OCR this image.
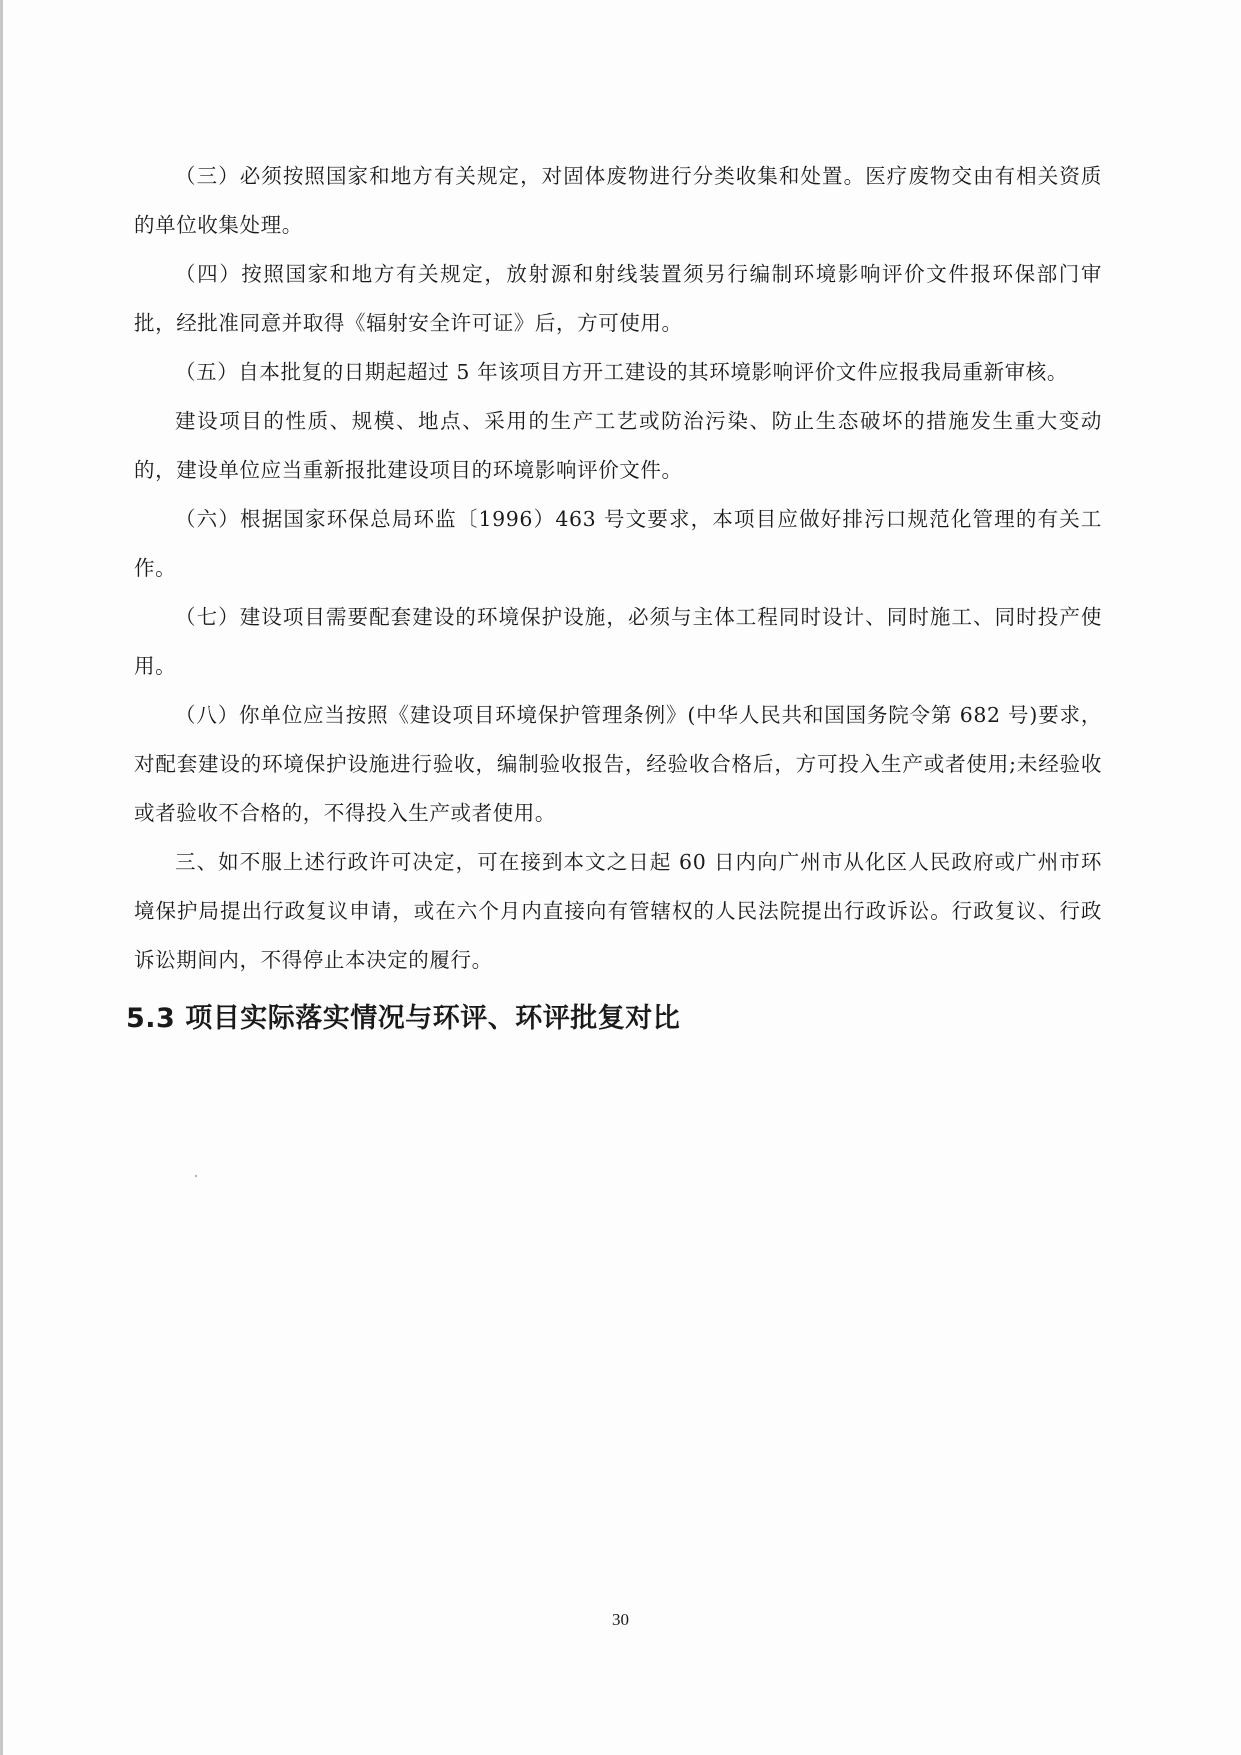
（三）必须按照国家和地方有关规定，对固体废物进行分类收集和处置。医疗废物交由有相关资质的单位收集处理。

（四）按照国家和地方有关规定，放射源和射线装置须另行编制环境影响评价文件报环保部门审批，经批准同意并取得《辐射安全许可证》后，方可使用。

（五）自本批复的日期起超过 5 年该项目方开工建设的其环境影响评价文件应报我局重新审核。

建设项目的性质、规模、地点、采用的生产工艺或防治污染、防止生态破坏的措施发生重大变动的，建设单位应当重新报批建设项目的环境影响评价文件。

（六）根据国家环保总局环监〔1996）463 号文要求，本项目应做好排污口规范化管理的有关工作。

（七）建设项目需要配套建设的环境保护设施，必须与主体工程同时设计、同时施工、同时投产使用。

（八）你单位应当按照《建设项目环境保护管理条例》(中华人民共和国国务院令第 682 号)要求，对配套建设的环境保护设施进行验收，编制验收报告，经验收合格后，方可投入生产或者使用;未经验收或者验收不合格的，不得投入生产或者使用。

三、如不服上述行政许可决定，可在接到本文之日起 60 日内向广州市从化区人民政府或广州市环境保护局提出行政复议申请，或在六个月内直接向有管辖权的人民法院提出行政诉讼。行政复议、行政诉讼期间内，不得停止本决定的履行。

5.3 项目实际落实情况与环评、环评批复对比
30
